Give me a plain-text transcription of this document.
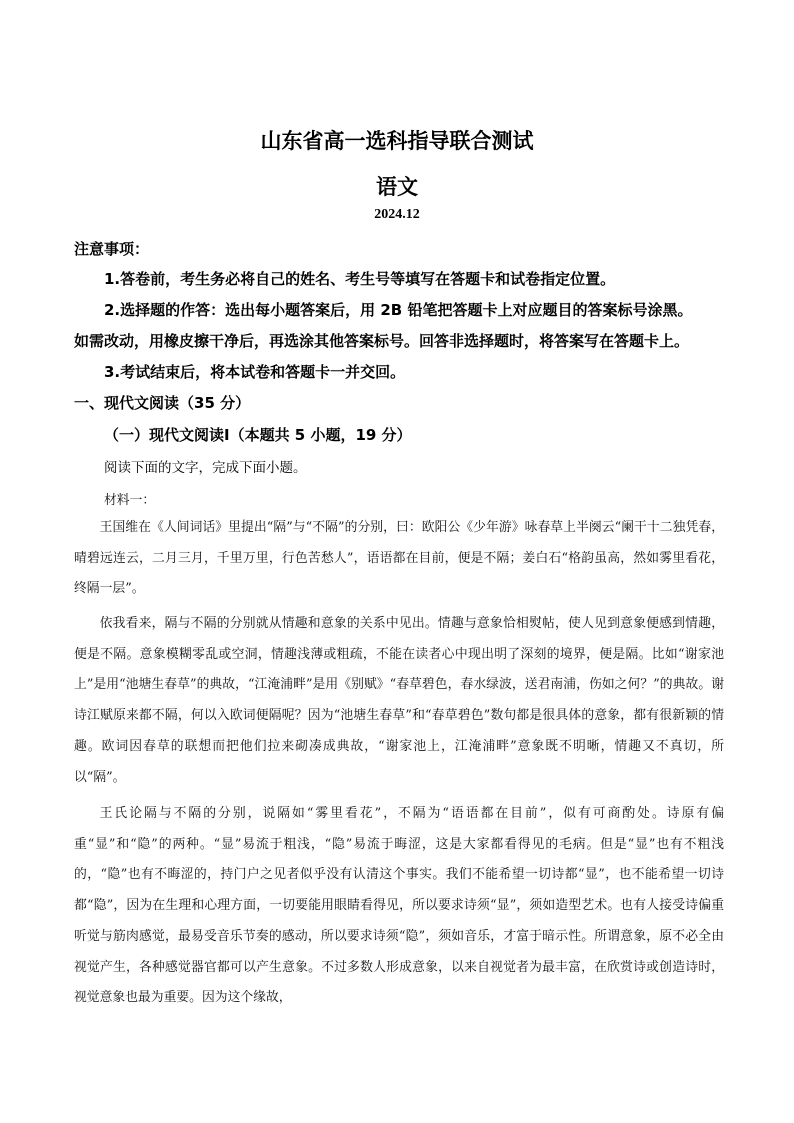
山东省高一选科指导联合测试
语文
2024.12
注意事项：
1.答卷前，考生务必将自己的姓名、考生号等填写在答题卡和试卷指定位置。
2.选择题的作答：选出每小题答案后，用 2B 铅笔把答题卡上对应题目的答案标号涂黑。
如需改动，用橡皮擦干净后，再选涂其他答案标号。回答非选择题时，将答案写在答题卡上。
3.考试结束后，将本试卷和答题卡一并交回。
一、现代文阅读（35 分）
（一）现代文阅读Ⅰ（本题共 5 小题，19 分）
阅读下面的文字，完成下面小题。
材料一：
王国维在《人间词话》里提出“隔”与“不隔”的分别，曰：欧阳公《少年游》咏春草上半阕云“阑干十二独凭春，晴碧远连云，二月三月，千里万里，行色苦愁人”，语语都在目前，便是不隔；姜白石“格韵虽高，然如雾里看花，终隔一层”。
依我看来，隔与不隔的分别就从情趣和意象的关系中见出。情趣与意象恰相熨帖，使人见到意象便感到情趣，便是不隔。意象模糊零乱或空洞，情趣浅薄或粗疏，不能在读者心中现出明了深刻的境界，便是隔。比如“谢家池上”是用“池塘生春草”的典故，“江淹浦畔”是用《别赋》“春草碧色，春水绿波，送君南浦，伤如之何？”的典故。谢诗江赋原来都不隔，何以入欧词便隔呢？因为“池塘生春草”和“春草碧色”数句都是很具体的意象，都有很新颖的情趣。欧词因春草的联想而把他们拉来砌凑成典故，“谢家池上，江淹浦畔”意象既不明晰，情趣又不真切，所以“隔”。
王氏论隔与不隔的分别，说隔如“雾里看花”，不隔为“语语都在目前”，似有可商酌处。诗原有偏重“显”和“隐”的两种。“显”易流于粗浅，“隐”易流于晦涩，这是大家都看得见的毛病。但是“显”也有不粗浅的，“隐”也有不晦涩的，持门户之见者似乎没有认清这个事实。我们不能希望一切诗都“显”，也不能希望一切诗都“隐”，因为在生理和心理方面，一切要能用眼睛看得见，所以要求诗须“显”，须如造型艺术。也有人接受诗偏重听觉与筋肉感觉，最易受音乐节奏的感动，所以要求诗须“隐”，须如音乐，才富于暗示性。所谓意象，原不必全由视觉产生，各种感觉器官都可以产生意象。不过多数人形成意象，以来自视觉者为最丰富，在欣赏诗或创造诗时，视觉意象也最为重要。因为这个缘故，
